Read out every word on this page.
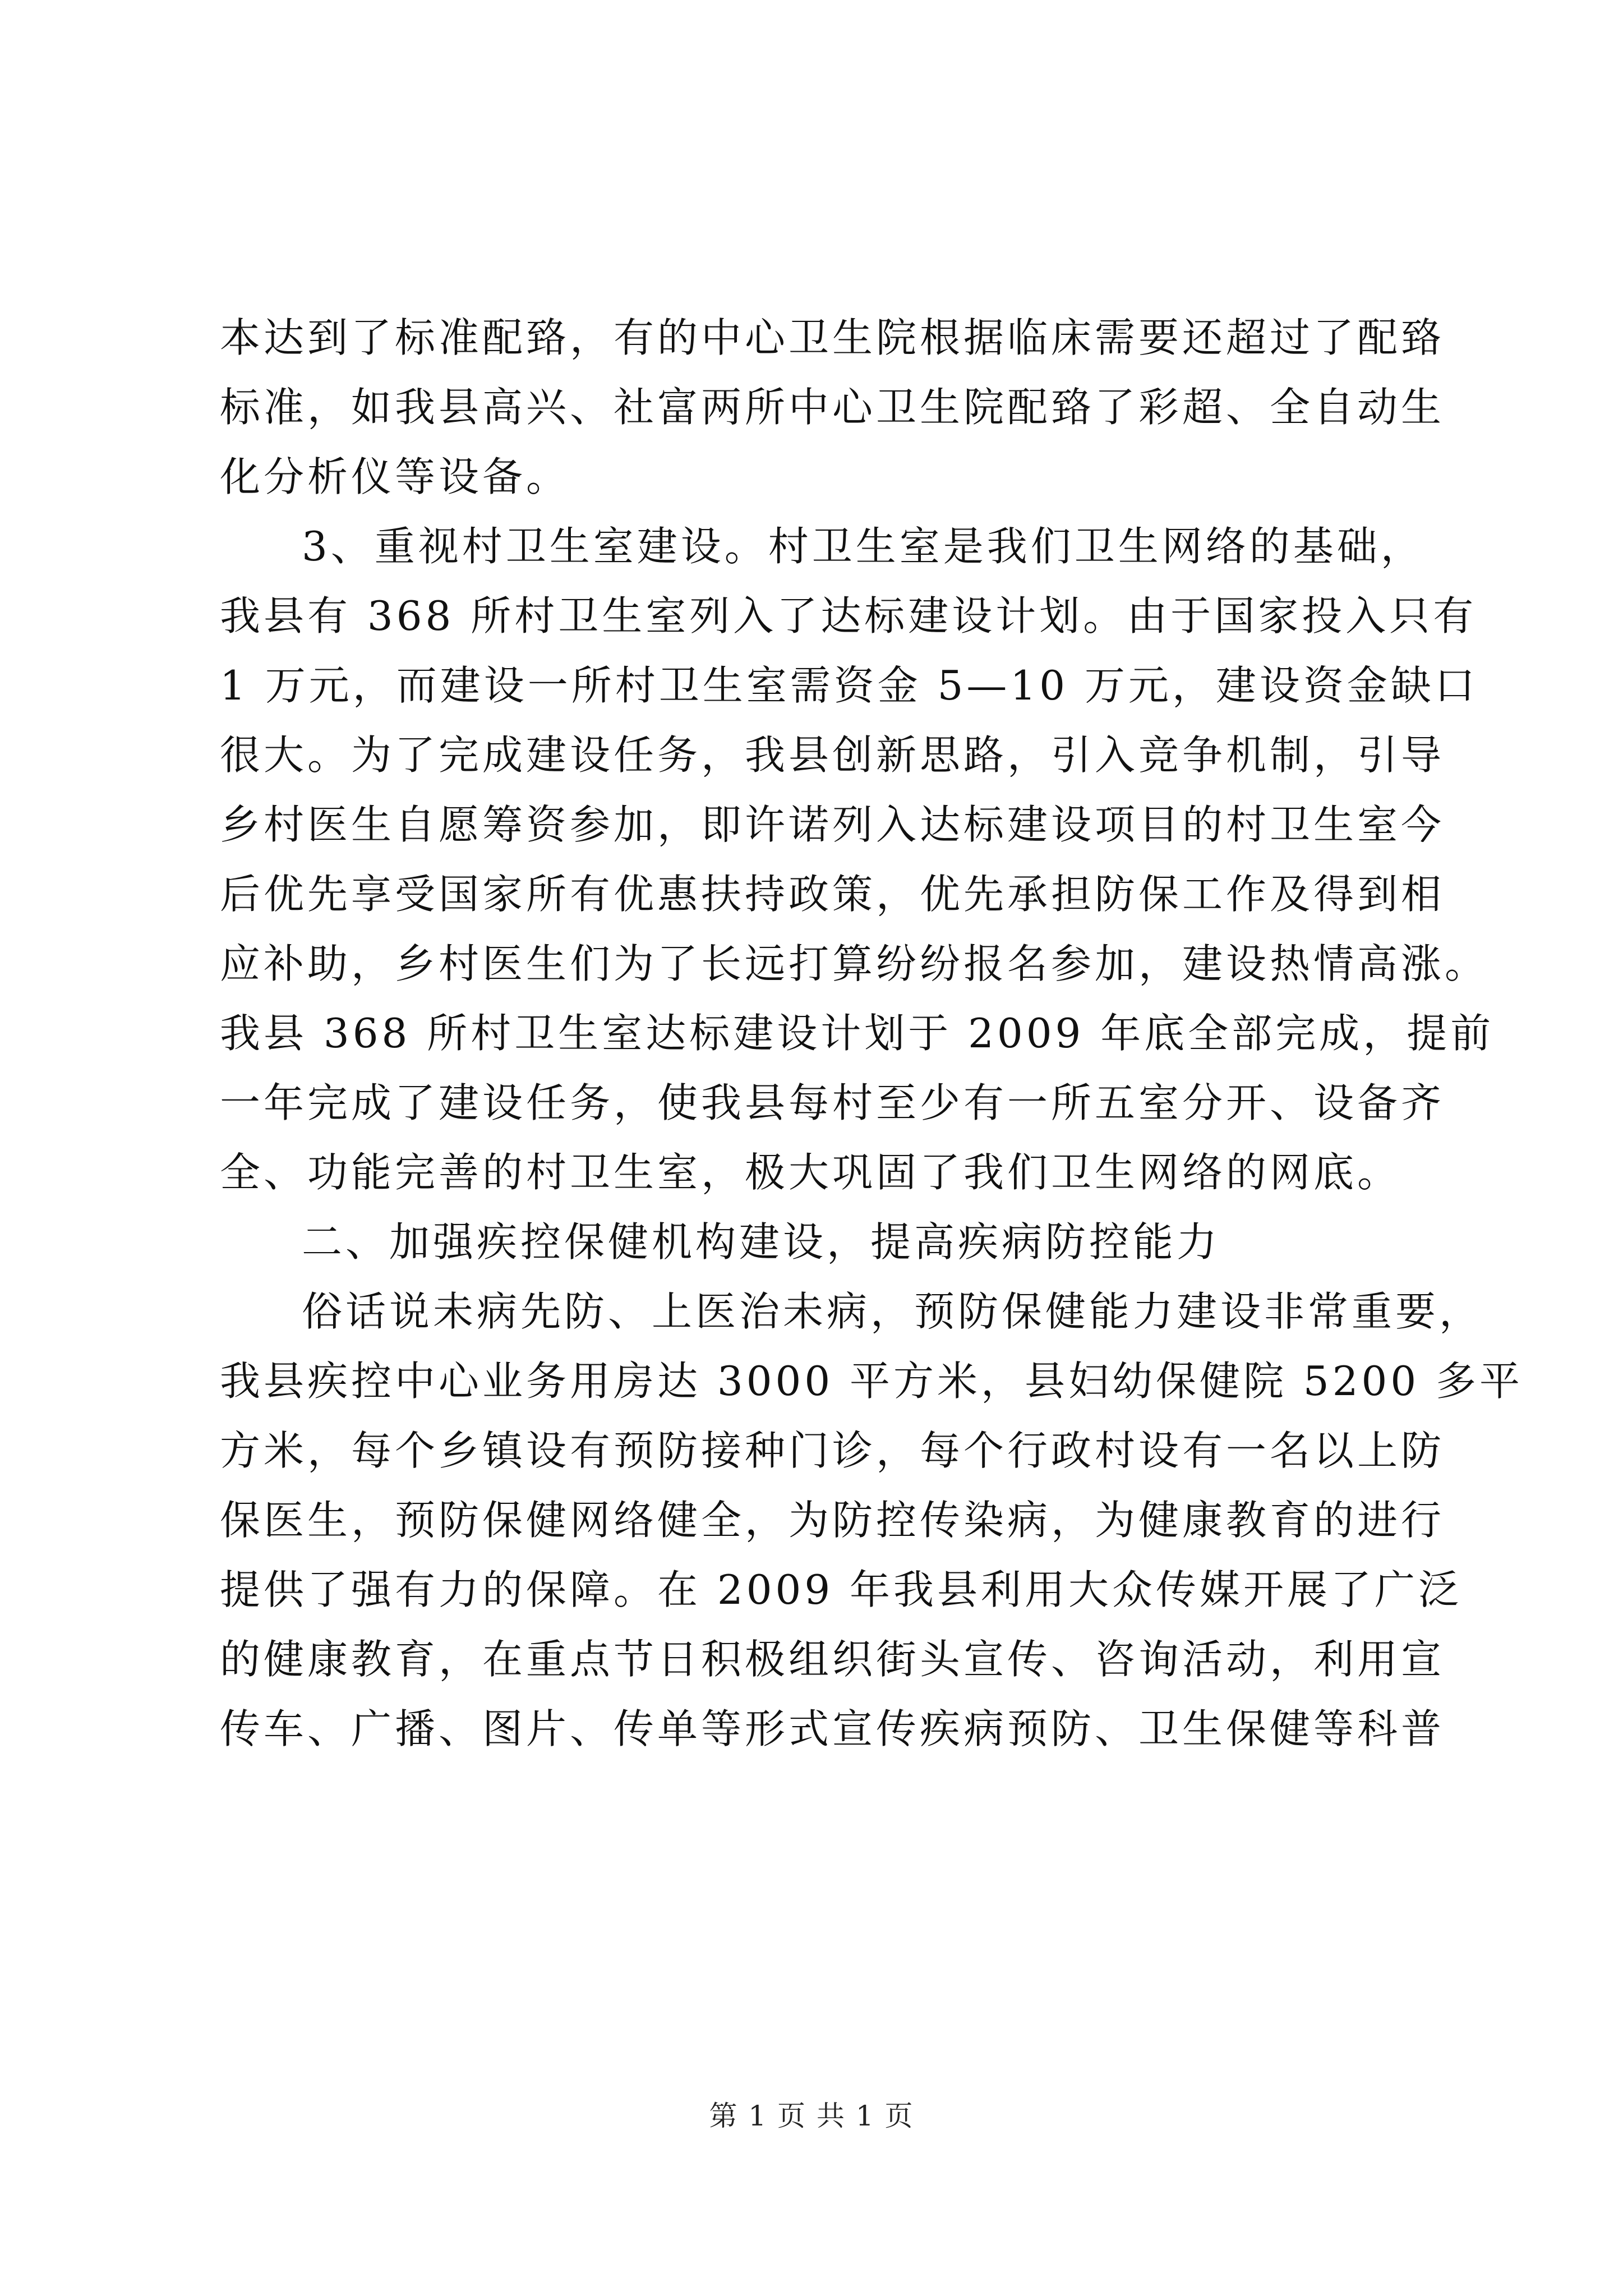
本达到了标准配臵，有的中心卫生院根据临床需要还超过了配臵

标准，如我县高兴、社富两所中心卫生院配臵了彩超、全自动生

化分析仪等设备。

3、重视村卫生室建设。村卫生室是我们卫生网络的基础，

我县有 368 所村卫生室列入了达标建设计划。由于国家投入只有

1 万元，而建设一所村卫生室需资金 5—10 万元，建设资金缺口

很大。为了完成建设任务，我县创新思路，引入竞争机制，引导

乡村医生自愿筹资参加，即许诺列入达标建设项目的村卫生室今

后优先享受国家所有优惠扶持政策，优先承担防保工作及得到相

应补助，乡村医生们为了长远打算纷纷报名参加，建设热情高涨。

我县 368 所村卫生室达标建设计划于 2009 年底全部完成，提前

一年完成了建设任务，使我县每村至少有一所五室分开、设备齐

全、功能完善的村卫生室，极大巩固了我们卫生网络的网底。

二、加强疾控保健机构建设，提高疾病防控能力

俗话说未病先防、上医治未病，预防保健能力建设非常重要，

我县疾控中心业务用房达 3000 平方米，县妇幼保健院 5200 多平

方米，每个乡镇设有预防接种门诊，每个行政村设有一名以上防

保医生，预防保健网络健全，为防控传染病，为健康教育的进行

提供了强有力的保障。在 2009 年我县利用大众传媒开展了广泛

的健康教育，在重点节日积极组织街头宣传、咨询活动，利用宣

传车、广播、图片、传单等形式宣传疾病预防、卫生保健等科普

第 1 页 共 1 页
